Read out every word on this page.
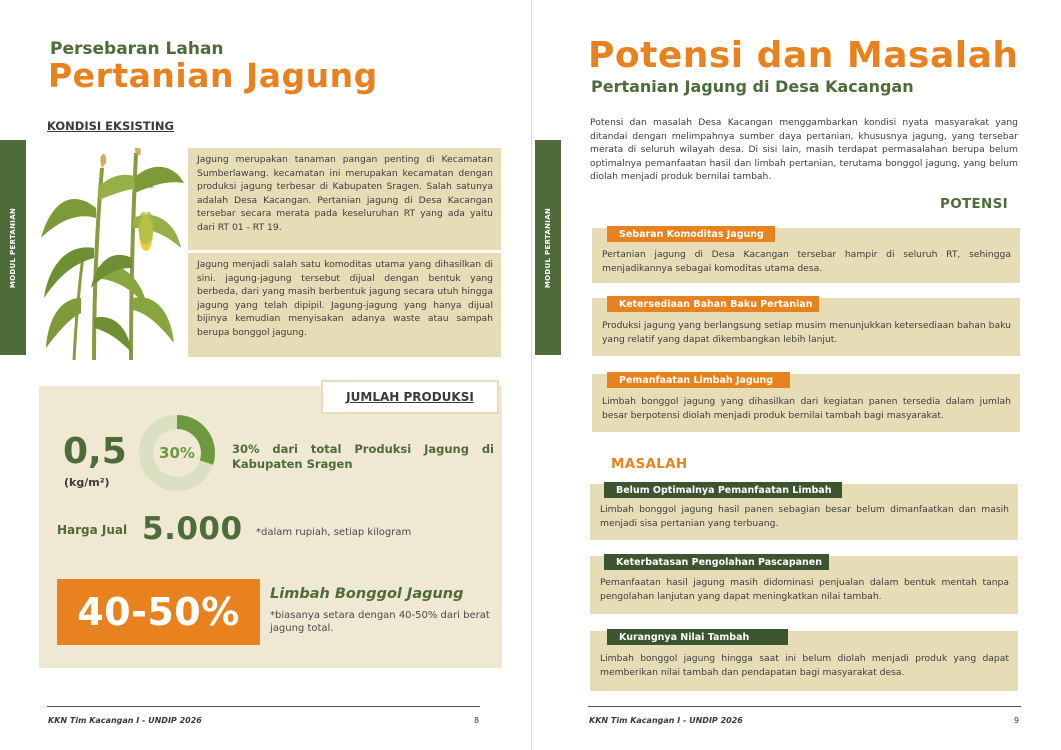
MODUL PERTANIAN
Persebaran Lahan
Pertanian Jagung
KONDISI EKSISTING
Jagung merupakan tanaman pangan penting di Kecamatan Sumberlawang. kecamatan ini merupakan kecamatan dengan produksi jagung terbesar di Kabupaten Sragen. Salah satunya adalah Desa Kacangan. Pertanian jagung di Desa Kacangan tersebar secara merata pada keseluruhan RT yang ada yaitu dari RT 01 - RT 19.
Jagung menjadi salah satu komoditas utama yang dihasilkan di sini. jagung-jagung tersebut dijual dengan bentuk yang berbeda, dari yang masih berbentuk jagung secara utuh hingga jagung yang telah dipipil. Jagung-jagung yang hanya dijual bijinya kemudian menyisakan adanya waste atau sampah berupa bonggol jagung.
JUMLAH PRODUKSI
0,5
(kg/m²)
30%	30% dari total Produksi Jagung di Kabupaten Sragen
Harga Jual 5.000 *dalam rupiah, setiap kilogram
40-50%	Limbah Bonggol Jagung
*biasanya setara dengan 40-50% dari berat jagung total.
KKN Tim Kacangan I - UNDIP 2026	8
MODUL PERTANIAN
Potensi dan Masalah
Pertanian Jagung di Desa Kacangan
Potensi dan masalah Desa Kacangan menggambarkan kondisi nyata masyarakat yang ditandai dengan melimpahnya sumber daya pertanian, khususnya jagung, yang tersebar merata di seluruh wilayah desa. Di sisi lain, masih terdapat permasalahan berupa belum optimalnya pemanfaatan hasil dan limbah pertanian, terutama bonggol jagung, yang belum diolah menjadi produk bernilai tambah.
POTENSI
Pertanian jagung di Desa Kacangan tersebar hampir di seluruh RT, sehingga menjadikannya sebagai komoditas utama desa.
Sebaran Komoditas Jagung
Produksi jagung yang berlangsung setiap musim menunjukkan ketersediaan bahan baku yang relatif yang dapat dikembangkan lebih lanjut.
Ketersediaan Bahan Baku Pertanian
Limbah bonggol jagung yang dihasilkan dari kegiatan panen tersedia dalam jumlah besar berpotensi diolah menjadi produk bernilai tambah bagi masyarakat.
Pemanfaatan Limbah Jagung
MASALAH
Limbah bonggol jagung hasil panen sebagian besar belum dimanfaatkan dan masih menjadi sisa pertanian yang terbuang.
Belum Optimalnya Pemanfaatan Limbah
Pemanfaatan hasil jagung masih didominasi penjualan dalam bentuk mentah tanpa pengolahan lanjutan yang dapat meningkatkan nilai tambah.
Keterbatasan Pengolahan Pascapanen
Limbah bonggol jagung hingga saat ini belum diolah menjadi produk yang dapat memberikan nilai tambah dan pendapatan bagi masyarakat desa.
Kurangnya Nilai Tambah
KKN Tim Kacangan I - UNDIP 2026	9
